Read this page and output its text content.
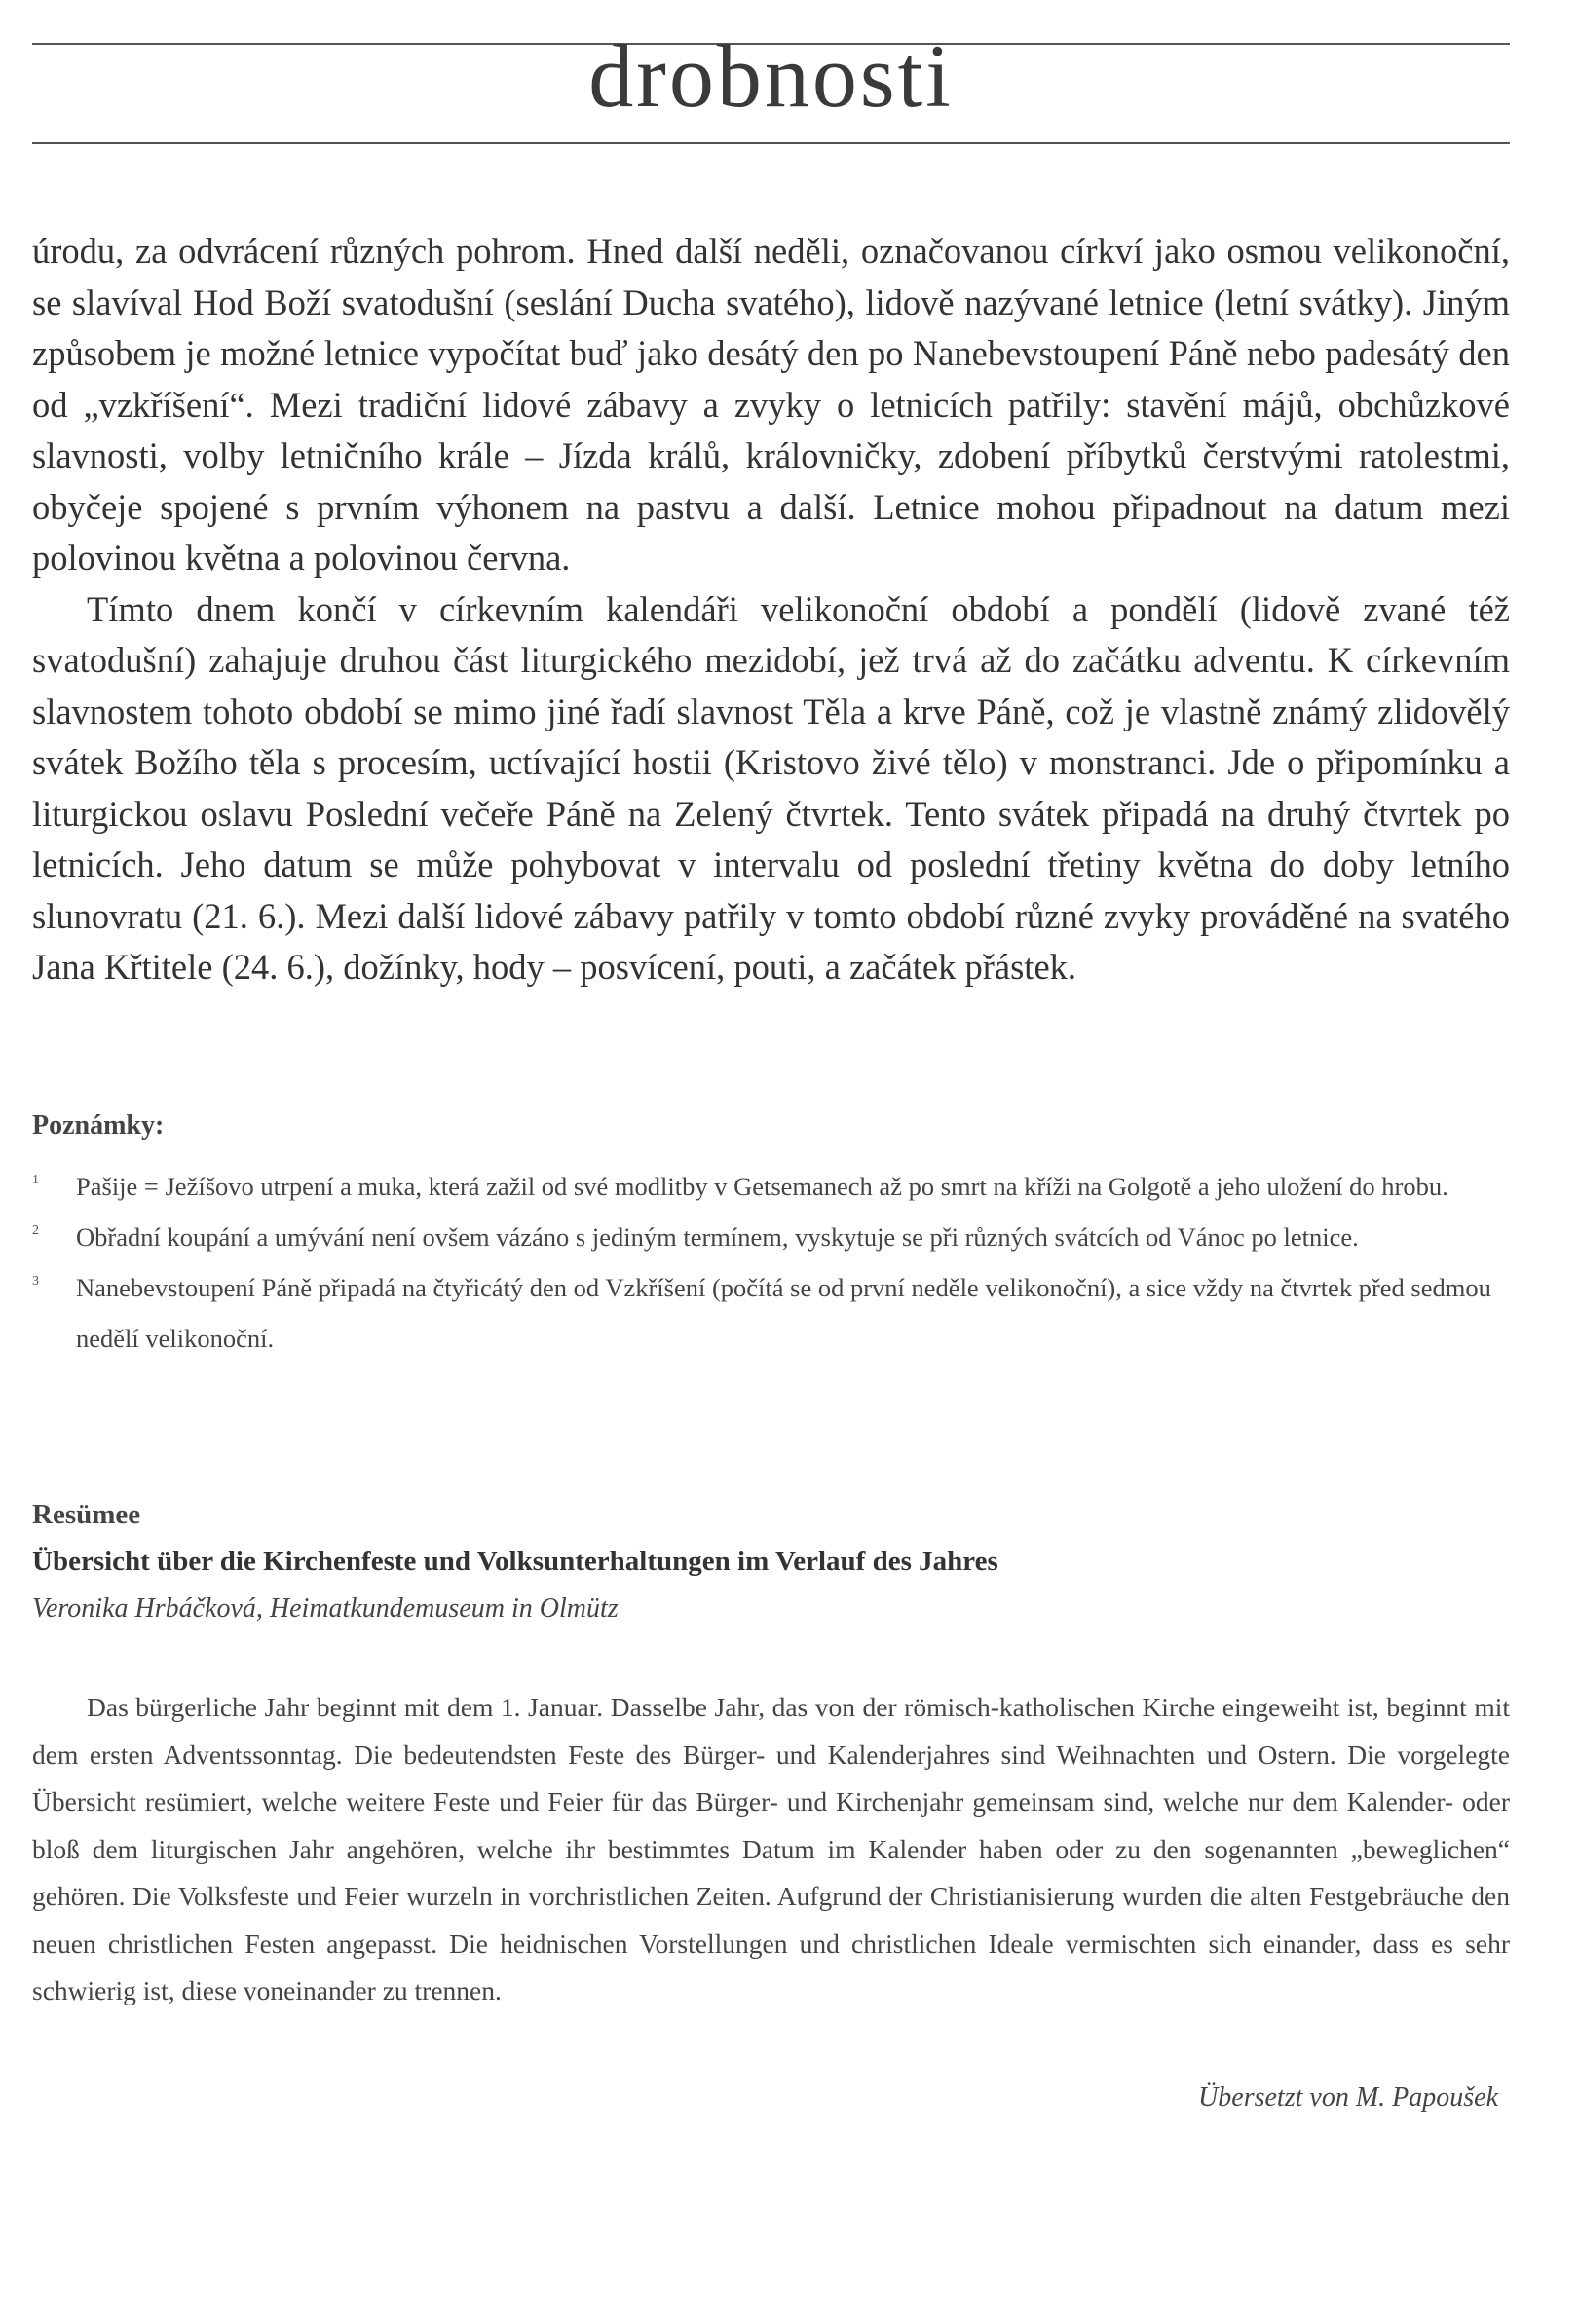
drobnosti

úrodu, za odvrácení různých pohrom. Hned další neděli, označovanou církví jako osmou velikonoční, se slavíval Hod Boží svatodušní (seslání Ducha svatého), lidově nazývané letnice (letní svátky). Jiným způsobem je možné letnice vypočítat buď jako desátý den po Nanebevstoupení Páně nebo padesátý den od „vzkříšení“. Mezi tradiční lidové zábavy a zvyky o letnicích patřily: stavění májů, obchůzkové slavnosti, volby letničního krále – Jízda králů, královničky, zdobení příbytků čerstvými ratolestmi, obyčeje spojené s prvním výhonem na pastvu a další. Letnice mohou připadnout na datum mezi polovinou května a polovinou června.

Tímto dnem končí v církevním kalendáři velikonoční období a pondělí (lidově zvané též svatodušní) zahajuje druhou část liturgického mezidobí, jež trvá až do začátku adventu. K církevním slavnostem tohoto období se mimo jiné řadí slavnost Těla a krve Páně, což je vlastně známý zlidovělý svátek Božího těla s procesím, uctívající hostii (Kristovo živé tělo) v monstranci. Jde o připomínku a liturgickou oslavu Poslední večeře Páně na Zelený čtvrtek. Tento svátek připadá na druhý čtvrtek po letnicích. Jeho datum se může pohybovat v intervalu od poslední třetiny května do doby letního slunovratu (21. 6.). Mezi další lidové zábavy patřily v tomto období různé zvyky prováděné na svatého Jana Křtitele (24. 6.), dožínky, hody – posvícení, pouti, a začátek přástek.

Poznámky:

1 Pašije = Ježíšovo utrpení a muka, která zažil od své modlitby v Getsemanech až po smrt na kříži na Golgotě a jeho uložení do hrobu.

2 Obřadní koupání a umývání není ovšem vázáno s jediným termínem, vyskytuje se při různých svátcích od Vánoc po letnice.

3 Nanebevstoupení Páně připadá na čtyřicátý den od Vzkříšení (počítá se od první neděle velikonoční), a sice vždy na čtvrtek před sedmou nedělí velikonoční.

Resümee
Übersicht über die Kirchenfeste und Volksunterhaltungen im Verlauf des Jahres
Veronika Hrbáčková, Heimatkundemuseum in Olmütz

Das bürgerliche Jahr beginnt mit dem 1. Januar. Dasselbe Jahr, das von der römisch-katholischen Kirche eingeweiht ist, beginnt mit dem ersten Adventssonntag. Die bedeutendsten Feste des Bürger- und Kalenderjahres sind Weihnachten und Ostern. Die vorgelegte Übersicht resümiert, welche weitere Feste und Feier für das Bürger- und Kirchenjahr gemeinsam sind, welche nur dem Kalender- oder bloß dem liturgischen Jahr angehören, welche ihr bestimmtes Datum im Kalender haben oder zu den sogenannten „beweglichen“ gehören. Die Volksfeste und Feier wurzeln in vorchristlichen Zeiten. Aufgrund der Christianisierung wurden die alten Festgebräuche den neuen christlichen Festen angepasst. Die heidnischen Vorstellungen und christlichen Ideale vermischten sich einander, dass es sehr schwierig ist, diese voneinander zu trennen.

Übersetzt von M. Papoušek
